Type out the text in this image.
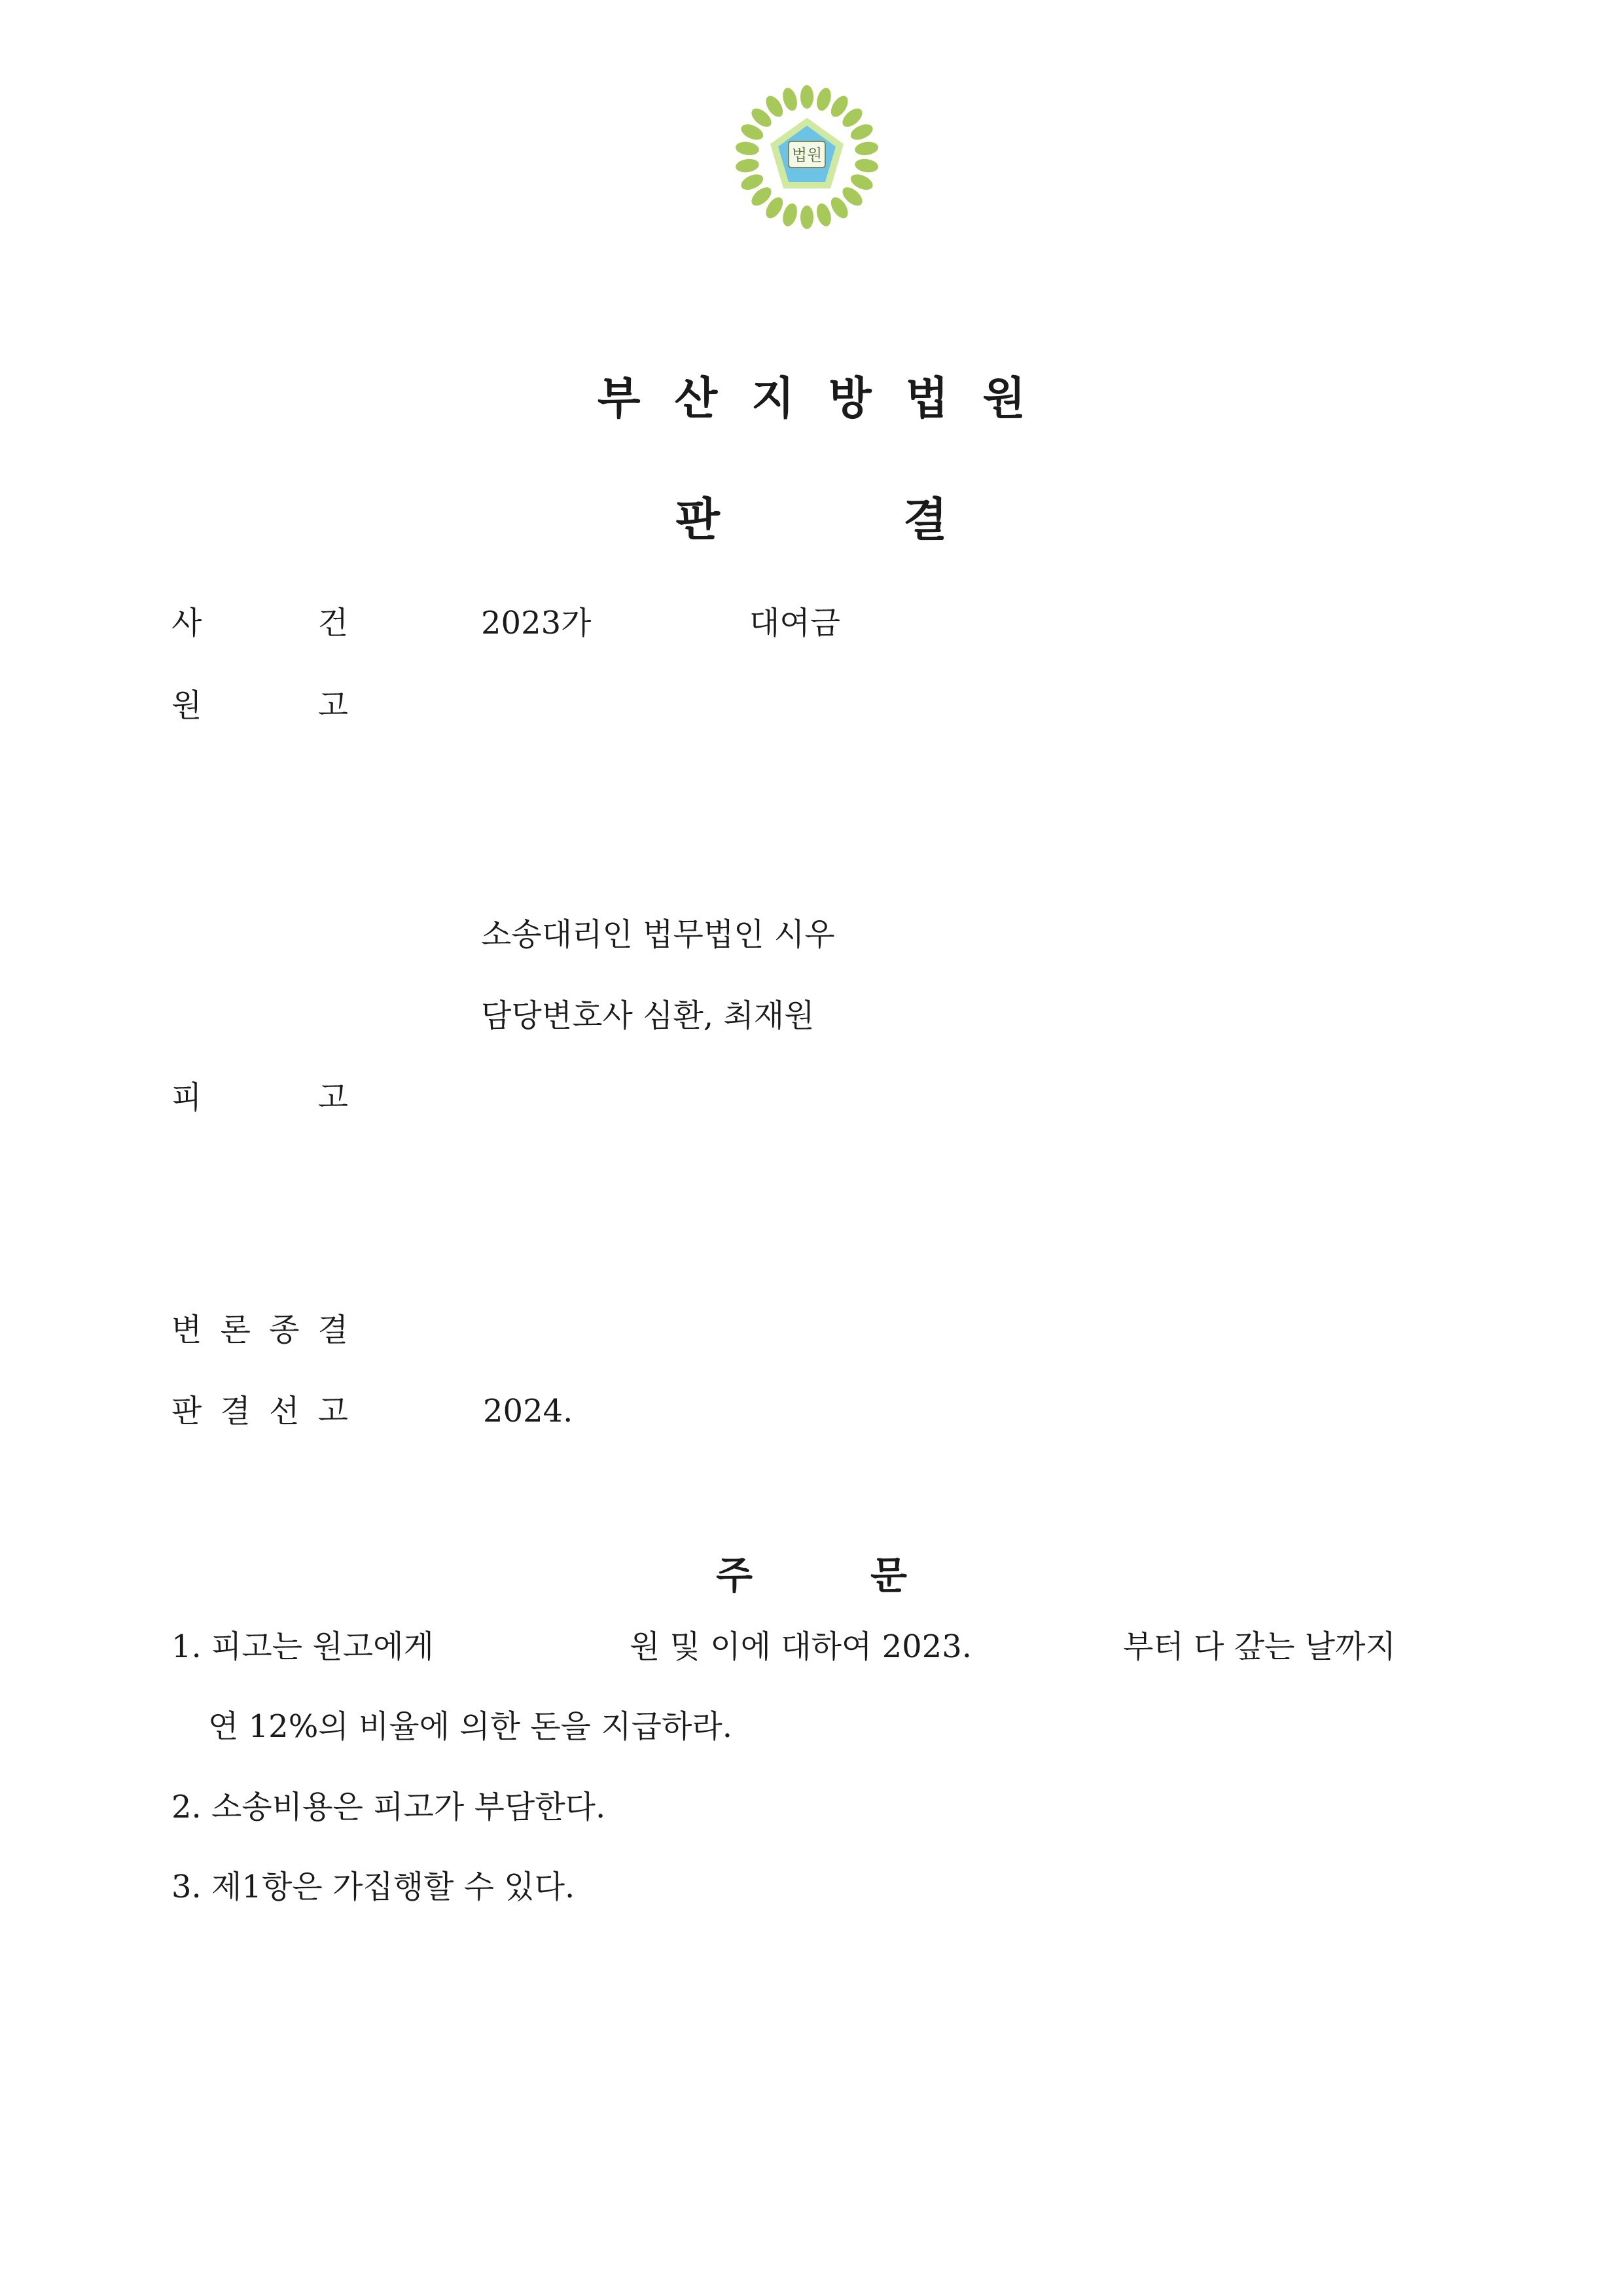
법원
부산지방법원
판결
사	건	2023가	대여금
원	고
소송대리인 법무법인 시우
담당변호사 심환, 최재원
피	고
변 론 종 결
판 결 선 고	2024.
주문
1. 피고는 원고에게	원 및 이에 대하여 2023.	부터 다 갚는 날까지
연 12%의 비율에 의한 돈을 지급하라.
2. 소송비용은 피고가 부담한다.
3. 제1항은 가집행할 수 있다.
